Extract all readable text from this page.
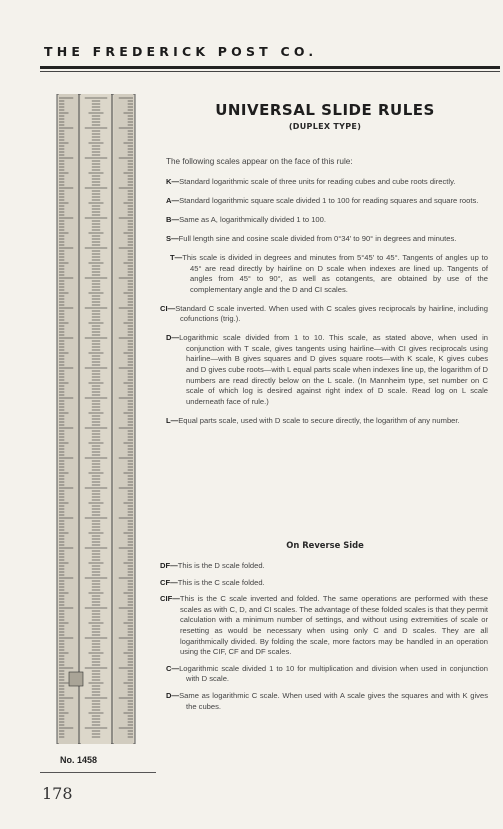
THE FREDERICK POST CO.
No. 1458
178
UNIVERSAL SLIDE RULES
(DUPLEX TYPE)
The following scales appear on the face of this rule:
K—Standard logarithmic scale of three units for reading cubes and cube roots directly.
A—Standard logarithmic square scale divided 1 to 100 for reading squares and square roots.
B—Same as A, logarithmically divided 1 to 100.
S—Full length sine and cosine scale divided from 0°34' to 90° in degrees and minutes.
T—This scale is divided in degrees and minutes from 5°45' to 45°. Tangents of angles up to 45° are read directly by hairline on D scale when indexes are lined up. Tangents of angles from 45° to 90°, as well as cotangents, are obtained by use of the complementary angle and the D and CI scales.
CI—Standard C scale inverted. When used with C scales gives reciprocals by hairline, including cofunctions (trig.).
D—Logarithmic scale divided from 1 to 10. This scale, as stated above, when used in conjunction with T scale, gives tangents using hairline—with CI gives reciprocals using hairline—with B gives squares and D gives square roots—with K scale, K gives cubes and D gives cube roots—with L equal parts scale when indexes line up, the logarithm of D numbers are read directly below on the L scale. (In Mannheim type, set number on C scale of which log is desired against right index of D scale. Read log on L scale underneath face of rule.)
L—Equal parts scale, used with D scale to secure directly, the logarithm of any number.
On Reverse Side
DF—This is the D scale folded.
CF—This is the C scale folded.
CIF—This is the C scale inverted and folded. The same operations are performed with these scales as with C, D, and CI scales. The advantage of these folded scales is that they permit calculation with a minimum number of settings, and without using extremities of scale or resetting as would be necessary when using only C and D scales. They are all logarithmically divided. By folding the scale, more factors may be handled in an operation using the CIF, CF and DF scales.
C—Logarithmic scale divided 1 to 10 for multiplication and division when used in conjunction with D scale.
D—Same as logarithmic C scale. When used with A scale gives the squares and with K gives the cubes.
